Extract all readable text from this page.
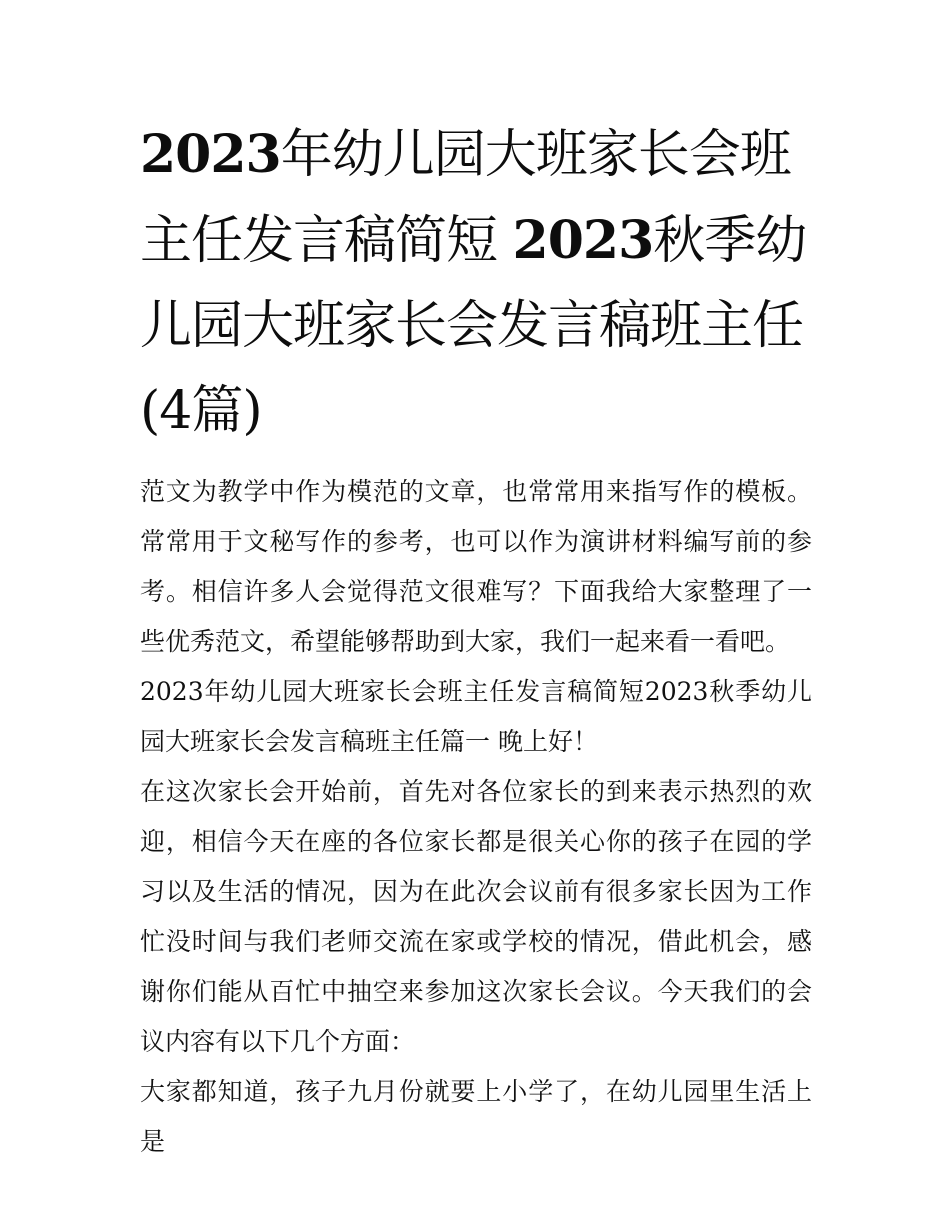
2023年幼儿园大班家长会班主任发言稿简短 2023秋季幼儿园大班家长会发言稿班主任(4篇)

范文为教学中作为模范的文章，也常常用来指写作的模板。常常用于文秘写作的参考，也可以作为演讲材料编写前的参考。相信许多人会觉得范文很难写？下面我给大家整理了一些优秀范文，希望能够帮助到大家，我们一起来看一看吧。

2023年幼儿园大班家长会班主任发言稿简短2023秋季幼儿园大班家长会发言稿班主任篇一 晚上好！

在这次家长会开始前，首先对各位家长的到来表示热烈的欢迎，相信今天在座的各位家长都是很关心你的孩子在园的学习以及生活的情况，因为在此次会议前有很多家长因为工作忙没时间与我们老师交流在家或学校的情况，借此机会，感谢你们能从百忙中抽空来参加这次家长会议。今天我们的会议内容有以下几个方面：

大家都知道，孩子九月份就要上小学了，在幼儿园里生活上是
